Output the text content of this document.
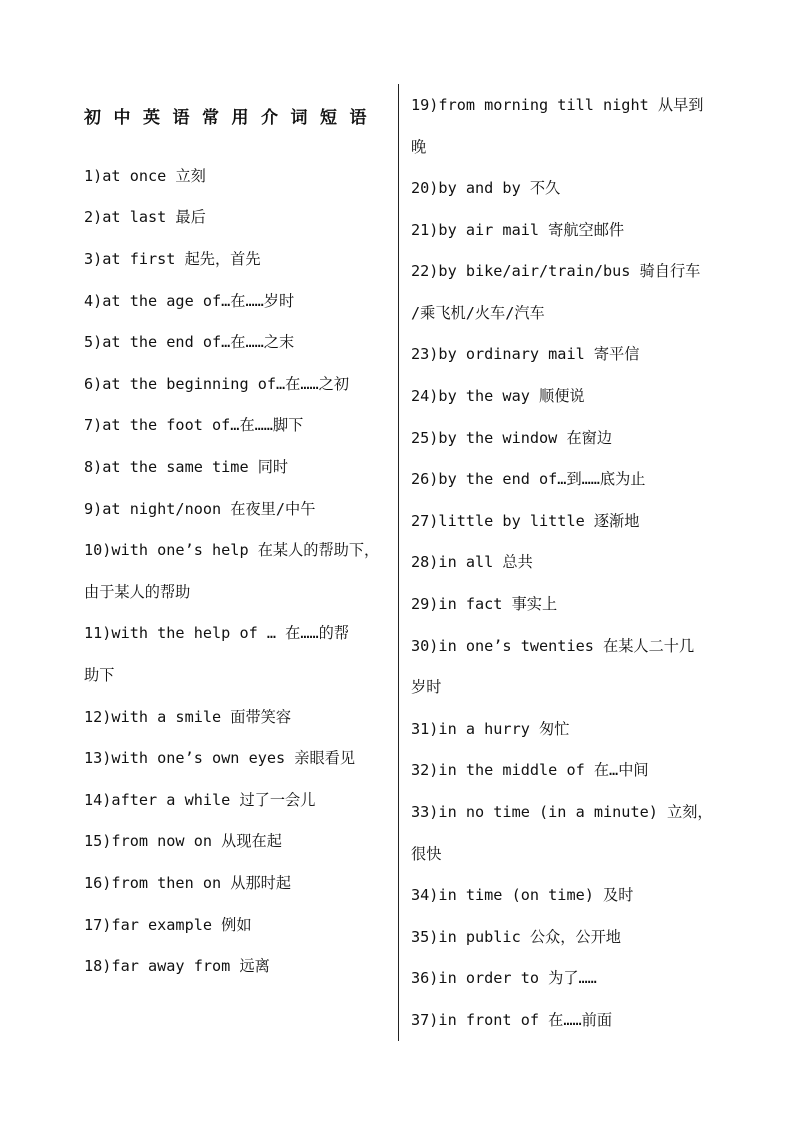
初中英语常用介词短语
1)at once 立刻
2)at last 最后
3)at first 起先，首先
4)at the age of…在……岁时
5)at the end of…在……之末
6)at the beginning of…在……之初
7)at the foot of…在……脚下
8)at the same time 同时
9)at night/noon 在夜里/中午
10)with one’s help 在某人的帮助下，
由于某人的帮助
11)with the help of … 在……的帮
助下
12)with a smile 面带笑容
13)with one’s own eyes 亲眼看见
14)after a while 过了一会儿
15)from now on 从现在起
16)from then on 从那时起
17)far example 例如
18)far away from 远离
19)from morning till night 从早到
晚
20)by and by 不久
21)by air mail 寄航空邮件
22)by bike/air/train/bus 骑自行车
/乘飞机/火车/汽车
23)by ordinary mail 寄平信
24)by the way 顺便说
25)by the window 在窗边
26)by the end of…到……底为止
27)little by little 逐渐地
28)in all 总共
29)in fact 事实上
30)in one’s twenties 在某人二十几
岁时
31)in a hurry 匆忙
32)in the middle of 在…中间
33)in no time (in a minute) 立刻，
很快
34)in time (on time) 及时
35)in public 公众，公开地
36)in order to 为了……
37)in front of 在……前面
